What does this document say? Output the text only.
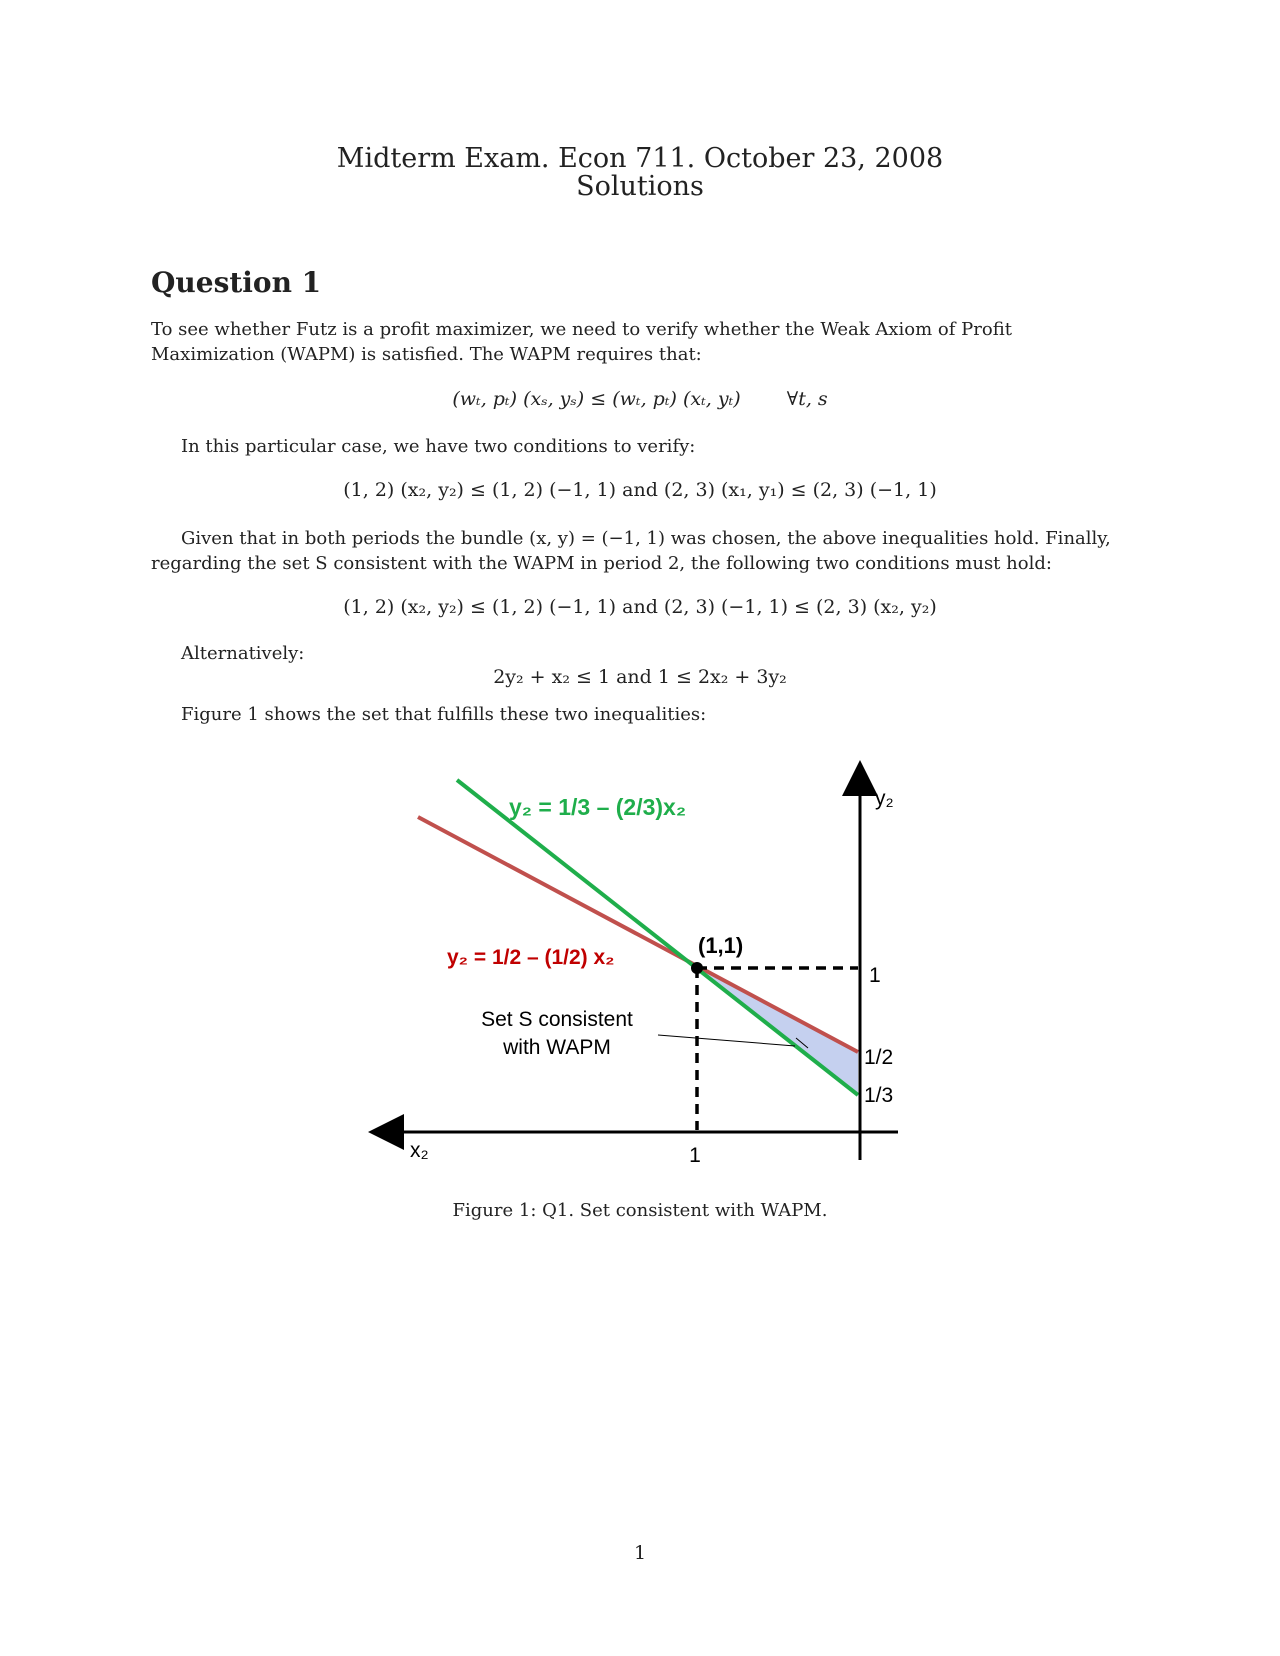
Midterm Exam. Econ 711. October 23, 2008
Solutions
Question 1
To see whether Futz is a profit maximizer, we need to verify whether the Weak Axiom of Profit Maximization (WAPM) is satisfied. The WAPM requires that:
(wₜ, pₜ) (xₛ, yₛ) ≤ (wₜ, pₜ) (xₜ, yₜ) ∀t, s
In this particular case, we have two conditions to verify:
(1, 2) (x₂, y₂) ≤ (1, 2) (−1, 1) and (2, 3) (x₁, y₁) ≤ (2, 3) (−1, 1)
Given that in both periods the bundle (x, y) = (−1, 1) was chosen, the above inequalities hold. Finally, regarding the set S consistent with the WAPM in period 2, the following two conditions must hold:
(1, 2) (x₂, y₂) ≤ (1, 2) (−1, 1) and (2, 3) (−1, 1) ≤ (2, 3) (x₂, y₂)
Alternatively:
2y₂ + x₂ ≤ 1 and 1 ≤ 2x₂ + 3y₂
Figure 1 shows the set that fulfills these two inequalities:
y₂ = 1/3 – (2/3)x₂
y₂ = 1/2 – (1/2) x₂	(1,1)
Set S consistent
with WAPM
x₂
y₂
1
1
1/2
1/3
Figure 1: Q1. Set consistent with WAPM.
1
